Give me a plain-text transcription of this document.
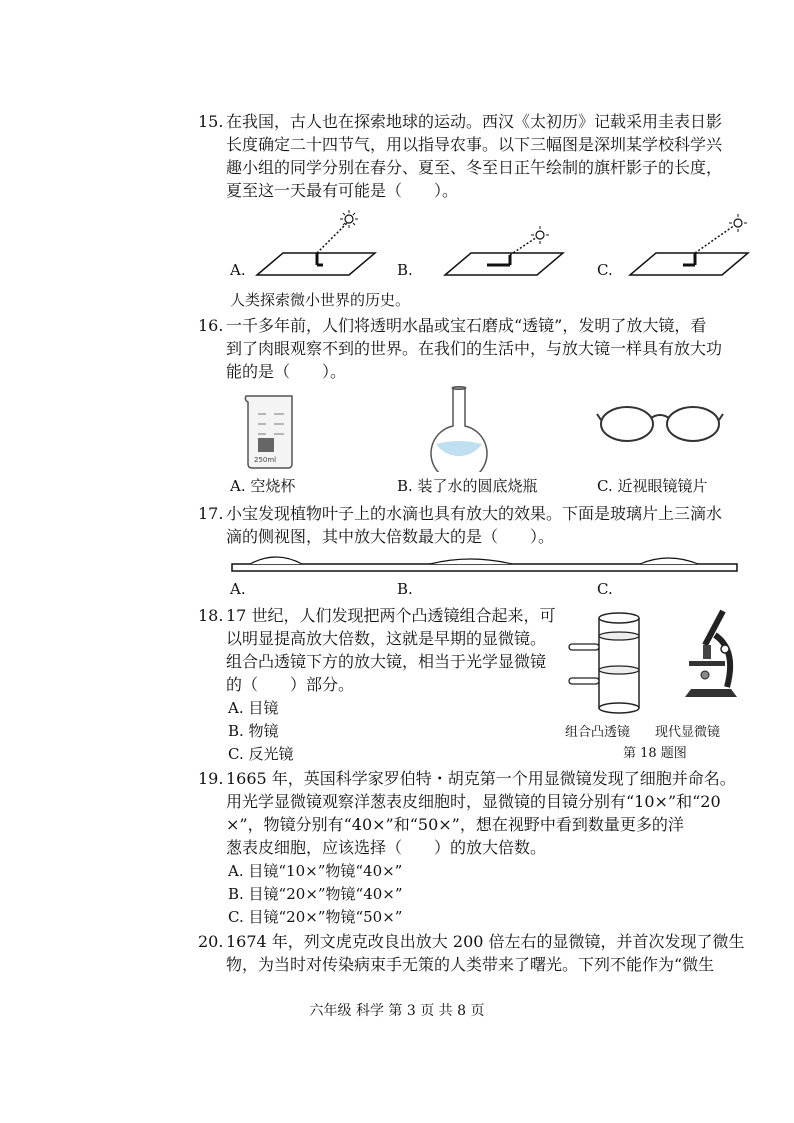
15. 在我国，古人也在探索地球的运动。西汉《太初历》记载采用圭表日影
长度确定二十四节气，用以指导农事。以下三幅图是深圳某学校科学兴
趣小组的同学分别在春分、夏至、冬至日正午绘制的旗杆影子的长度，
夏至这一天最有可能是（　　）。
A.	B.	C.
人类探索微小世界的历史。
16. 一千多年前，人们将透明水晶或宝石磨成“透镜”，发明了放大镜，看
到了肉眼观察不到的世界。在我们的生活中，与放大镜一样具有放大功
能的是（　　）。
250ml
A. 空烧杯	B. 装了水的圆底烧瓶	C. 近视眼镜镜片
17. 小宝发现植物叶子上的水滴也具有放大的效果。下面是玻璃片上三滴水
滴的侧视图，其中放大倍数最大的是（　　）。
A.	B.	C.
18. 17 世纪，人们发现把两个凸透镜组合起来，可
以明显提高放大倍数，这就是早期的显微镜。
组合凸透镜下方的放大镜，相当于光学显微镜
的（　　）部分。
A. 目镜
B. 物镜
C. 反光镜
组合凸透镜 现代显微镜
第 18 题图
19. 1665 年，英国科学家罗伯特・胡克第一个用显微镜发现了细胞并命名。
用光学显微镜观察洋葱表皮细胞时，显微镜的目镜分别有“10×”和“20
×”，物镜分别有“40×”和“50×”，想在视野中看到数量更多的洋
葱表皮细胞，应该选择（　　）的放大倍数。
A. 目镜“10×”物镜“40×”
B. 目镜“20×”物镜“40×”
C. 目镜“20×”物镜“50×”
20. 1674 年，列文虎克改良出放大 200 倍左右的显微镜，并首次发现了微生
物，为当时对传染病束手无策的人类带来了曙光。下列不能作为“微生
六年级 科学 第 3 页 共 8 页
